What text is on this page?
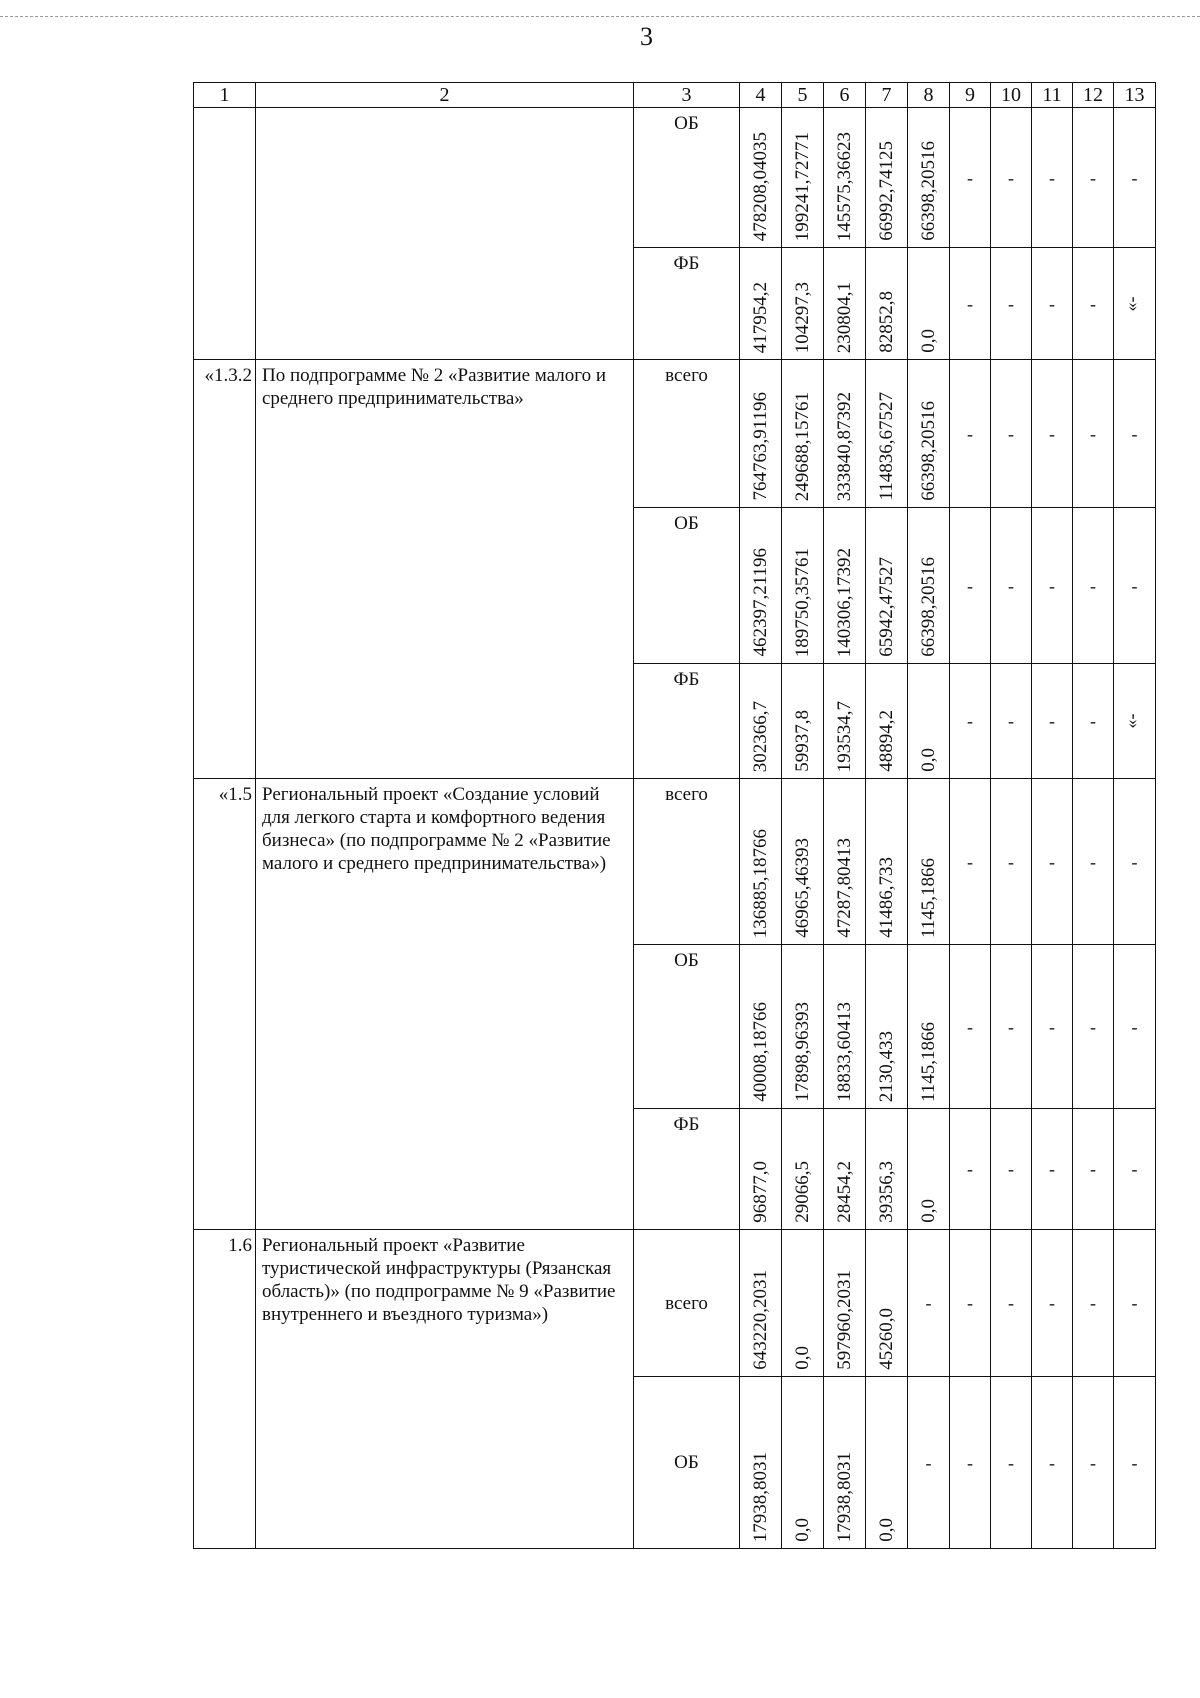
3
1	2	3	4	5	6	7	8	9	10	11	12	13
		ОБ	478208,04035	199241,72771	145575,36623	66992,74125	66398,20516	-	-	-	-	-

		ФБ	417954,2	104297,3	230804,1	82852,8	0,0	-	-	-	-	-»

«1.3.2	По подпрограмме № 2 «Развитие малого и среднего предпринимательства»	всего	764763,91196	249688,15761	333840,87392	114836,67527	66398,20516	-	-	-	-	-

		ОБ	462397,21196	189750,35761	140306,17392	65942,47527	66398,20516	-	-	-	-	-

		ФБ	302366,7	59937,8	193534,7	48894,2	0,0	-	-	-	-	-»

«1.5	Региональный проект «Создание условий для легкого старта и комфортного ведения бизнеса» (по подпрограмме № 2 «Развитие малого и среднего предпринимательства»)	всего	136885,18766	46965,46393	47287,80413	41486,733	1145,1866	-	-	-	-	-

		ОБ	40008,18766	17898,96393	18833,60413	2130,433	1145,1866	-	-	-	-	-

		ФБ	96877,0	29066,5	28454,2	39356,3	0,0	-	-	-	-	-

1.6	Региональный проект «Развитие туристической инфраструктуры (Рязанская область)» (по подпрограмме № 9 «Развитие внутреннего и въездного туризма»)	всего	643220,2031	0,0	597960,2031	45260,0	-	-	-	-	-	-

		ОБ	17938,8031	0,0	17938,8031	0,0	-	-	-	-	-	-
